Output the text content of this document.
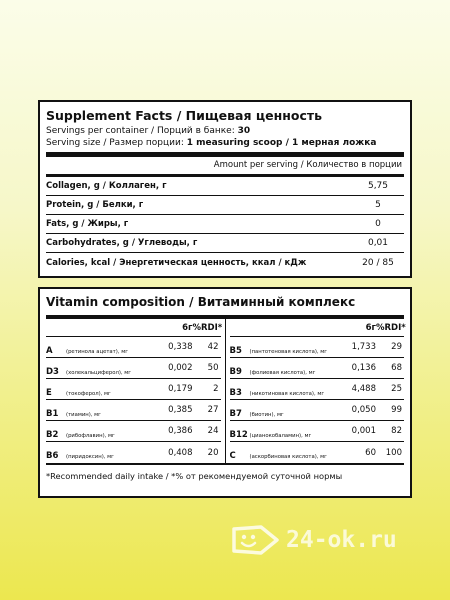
Supplement Facts / Пищевая ценность
Servings per container / Порций в банке: 30
Serving size / Размер порции: 1 measuring scoop / 1 мерная ложка
Amount per serving / Количество в порции
Collagen, g / Коллаген, г	5,75
Protein, g / Белки, г	5
Fats, g / Жиры, г	0
Carbohydrates, g / Углеводы, г	0,01
Calories, kcal / Энергетическая ценность, ккал / кДж	20 / 85
Vitamin composition / Витаминный комплекс
6г %RDI*
A	(ретинола ацетат), мг	0,338	42
D3 (холекальциферол), мг	0,002	50
E	(токоферол), мг	0,179	2
B1 (тиамин), мг	0,385	27
B2 (рибофлавин), мг	0,386	24
B6 (пиридоксин), мг	0,408	20
6г %RDI*
B5 (пантотеновая кислота), мг	1,733	29
B9 (фолиевая кислота), мг	0,136	68
B3 (никотиновая кислота), мг	4,488	25
B7 (биотин), мг	0,050	99
B12 (цианокобаламин), мг	0,001	82
C	(аскорбиновая кислота), мг	60	100
*Recommended daily intake / *% от рекомендуемой суточной нормы
24-ok.ru
